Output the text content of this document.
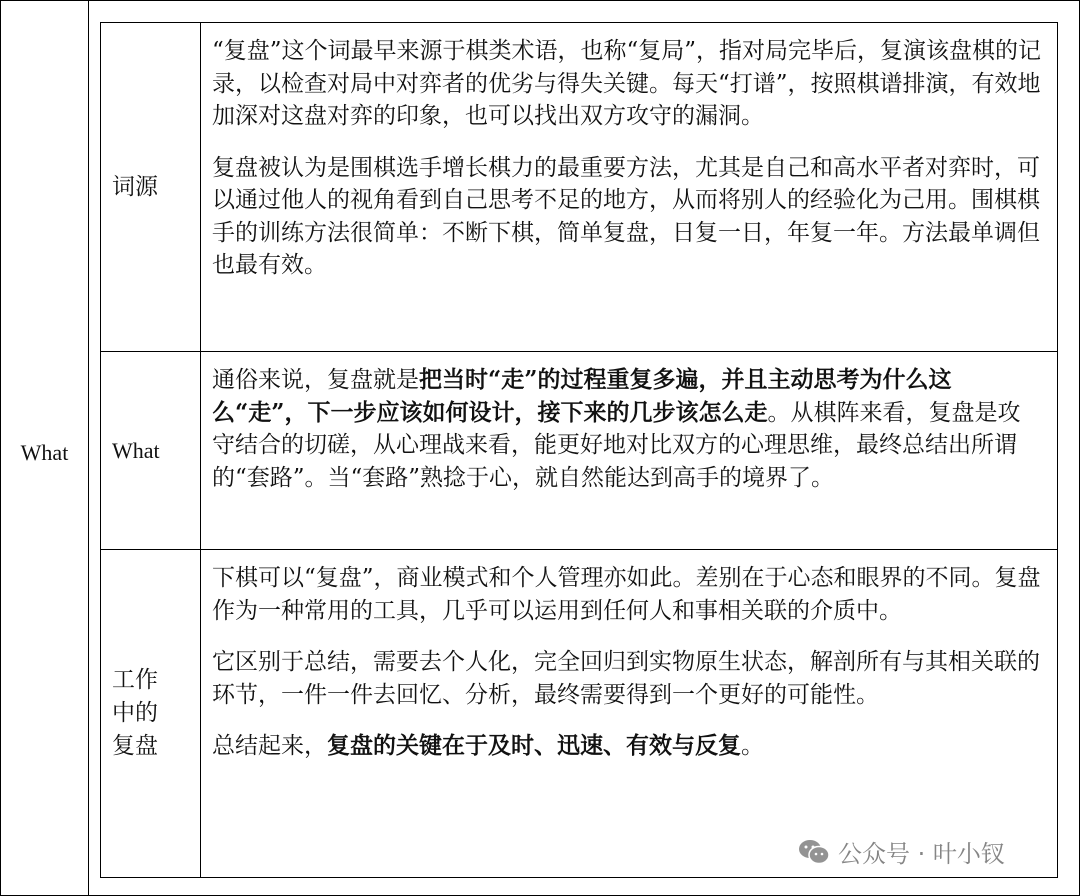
What
词源	“复盘”这个词最早来源于棋类术语，也称“复局”，指对局完毕后，复演该盘棋的记录，以检查对局中对弈者的优劣与得失关键。每天“打谱”，按照棋谱排演，有效地加深对这盘对弈的印象，也可以找出双方攻守的漏洞。

复盘被认为是围棋选手增长棋力的最重要方法，尤其是自己和高水平者对弈时，可以通过他人的视角看到自己思考不足的地方，从而将别人的经验化为己用。围棋棋手的训练方法很简单：不断下棋，简单复盘，日复一日，年复一年。方法最单调但也最有效。

What	通俗来说，复盘就是把当时“走”的过程重复多遍，并且主动思考为什么这么“走”，下一步应该如何设计，接下来的几步该怎么走。从棋阵来看，复盘是攻守结合的切磋，从心理战来看，能更好地对比双方的心理思维，最终总结出所谓的“套路”。当“套路”熟捻于心，就自然能达到高手的境界了。

工作中的复盘	下棋可以“复盘”，商业模式和个人管理亦如此。差别在于心态和眼界的不同。复盘作为一种常用的工具，几乎可以运用到任何人和事相关联的介质中。

它区别于总结，需要去个人化，完全回归到实物原生状态，解剖所有与其相关联的环节，一件一件去回忆、分析，最终需要得到一个更好的可能性。

总结起来，复盘的关键在于及时、迅速、有效与反复。

公众号 · 叶小钗
